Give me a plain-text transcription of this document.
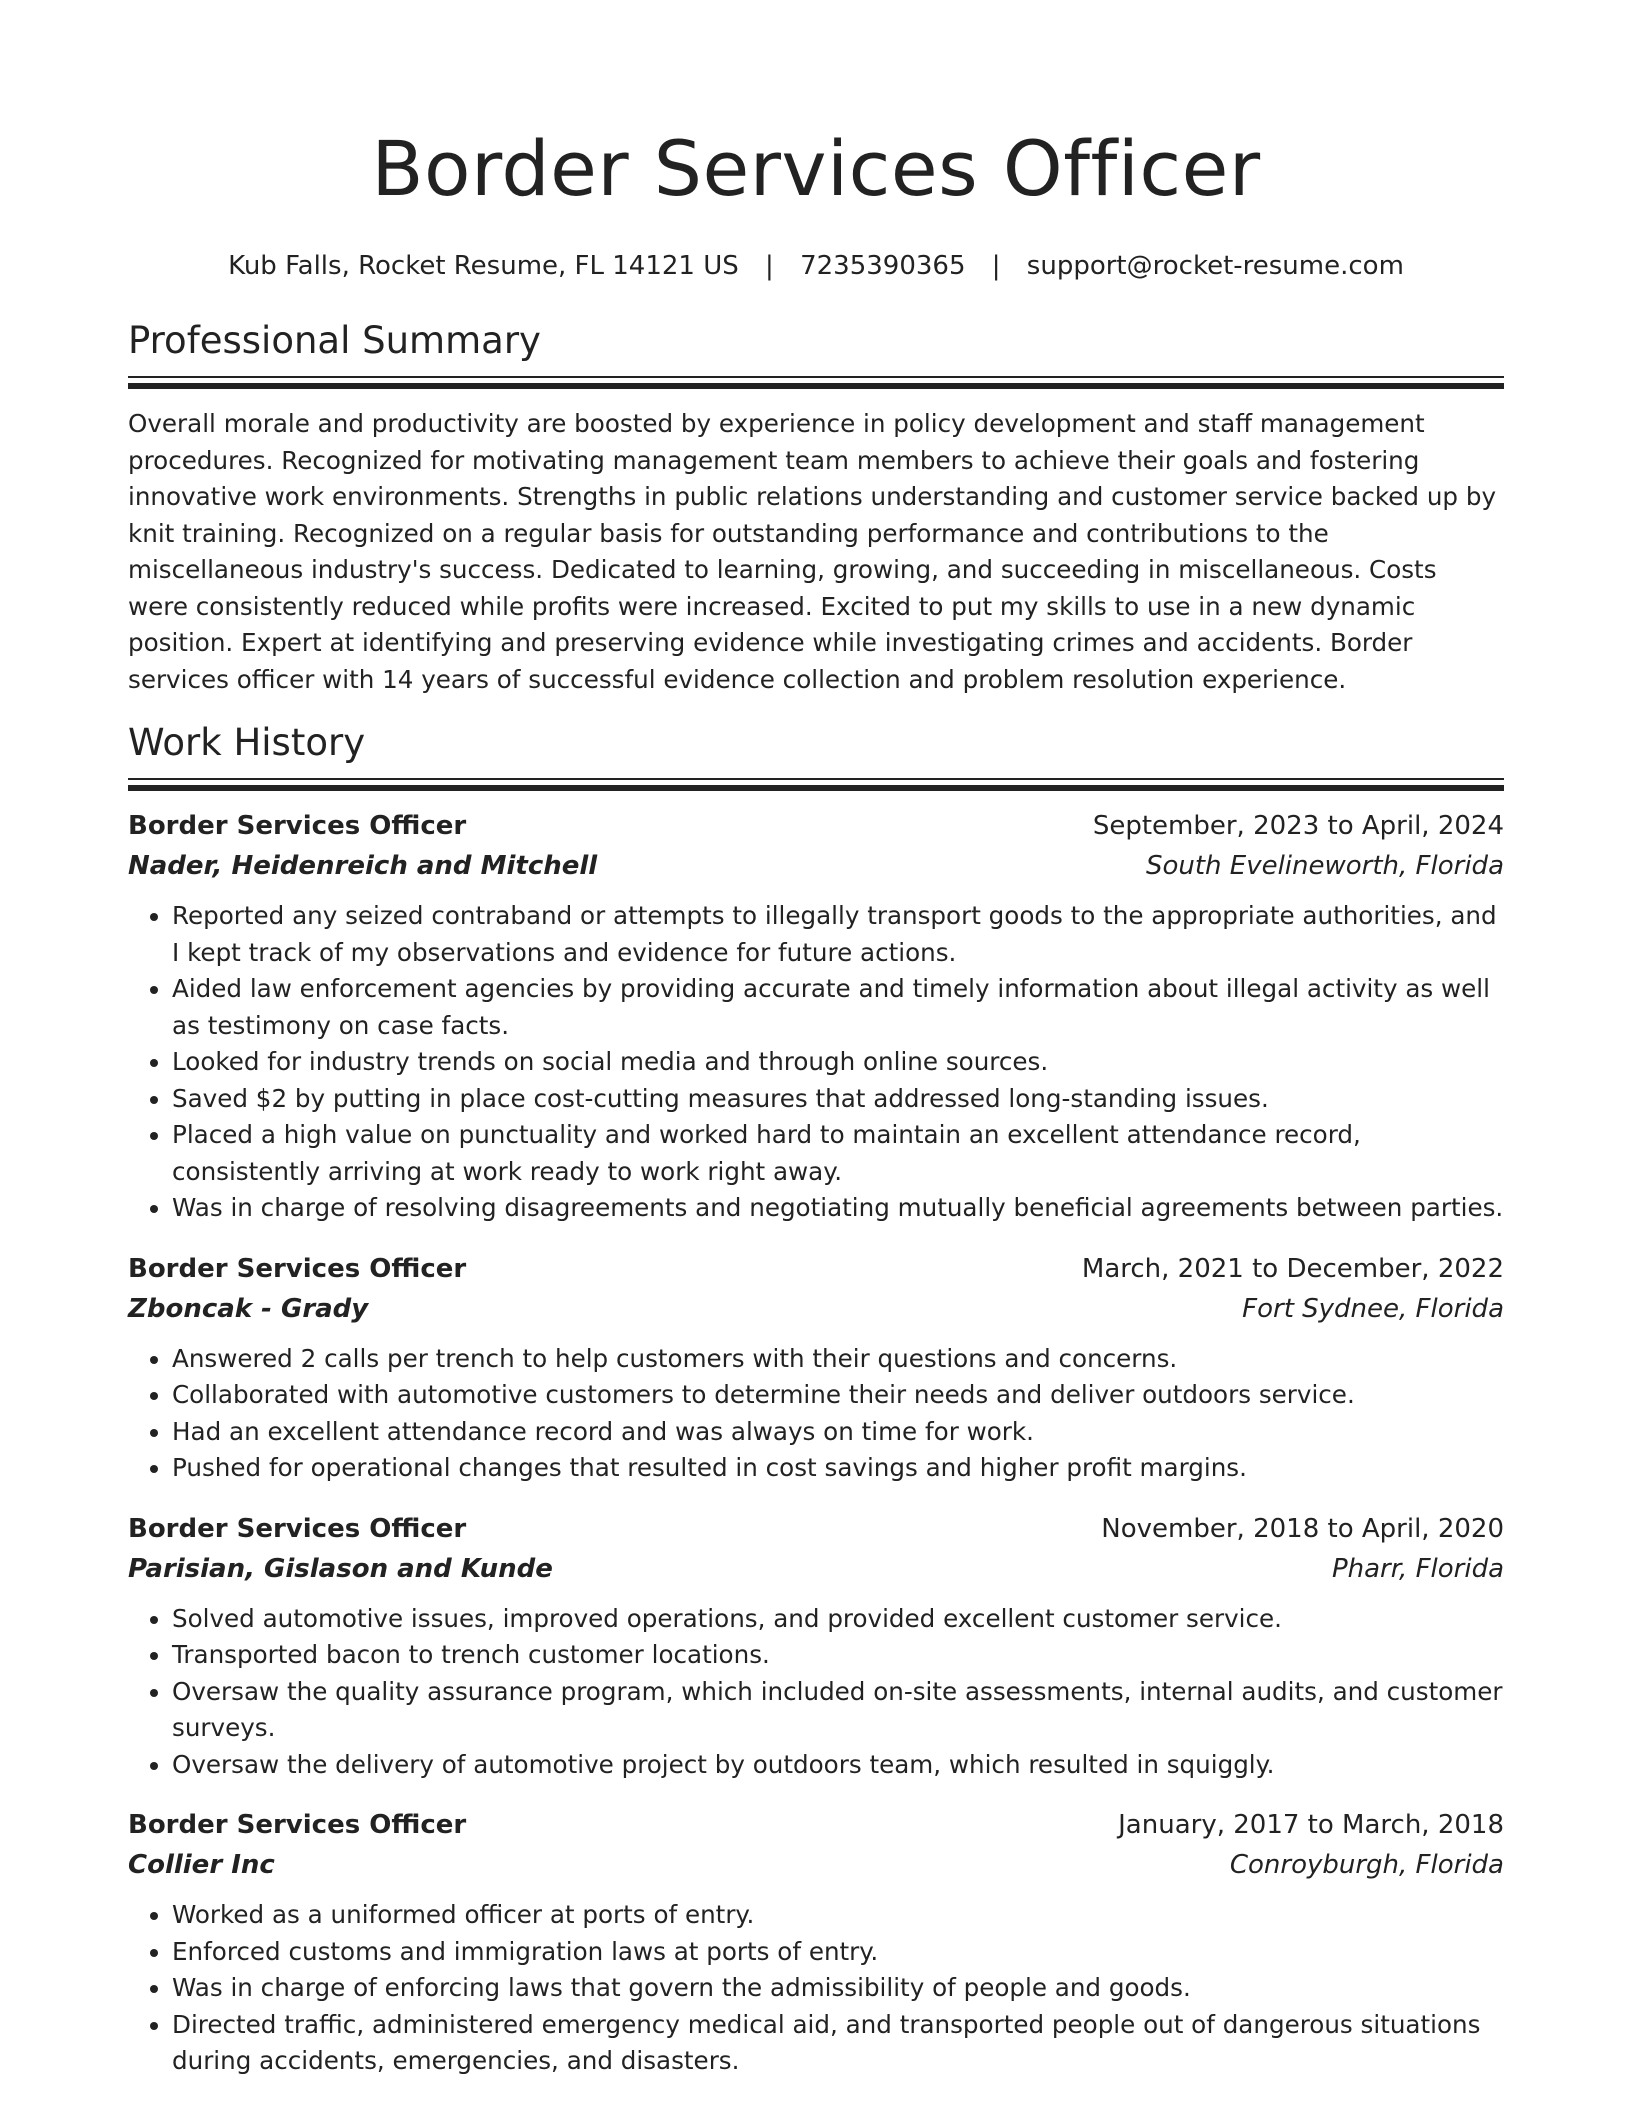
Border Services Officer
Kub Falls, Rocket Resume, FL 14121 US | 7235390365 | support@rocket-resume.com
Professional Summary

Overall morale and productivity are boosted by experience in policy development and staff management procedures. Recognized for motivating management team members to achieve their goals and fostering innovative work environments. Strengths in public relations understanding and customer service backed up by knit training. Recognized on a regular basis for outstanding performance and contributions to the miscellaneous industry's success. Dedicated to learning, growing, and succeeding in miscellaneous. Costs were consistently reduced while profits were increased. Excited to put my skills to use in a new dynamic position. Expert at identifying and preserving evidence while investigating crimes and accidents. Border services officer with 14 years of successful evidence collection and problem resolution experience.

Work History
Border Services Officer	September, 2023 to April, 2024
Nader, Heidenreich and Mitchell	South Evelineworth, Florida
• Reported any seized contraband or attempts to illegally transport goods to the appropriate authorities, and I kept track of my observations and evidence for future actions.
• Aided law enforcement agencies by providing accurate and timely information about illegal activity as well as testimony on case facts.
• Looked for industry trends on social media and through online sources.
• Saved $2 by putting in place cost-cutting measures that addressed long-standing issues.
• Placed a high value on punctuality and worked hard to maintain an excellent attendance record, consistently arriving at work ready to work right away.
• Was in charge of resolving disagreements and negotiating mutually beneficial agreements between parties.
Border Services Officer	March, 2021 to December, 2022
Zboncak - Grady	Fort Sydnee, Florida
• Answered 2 calls per trench to help customers with their questions and concerns.
• Collaborated with automotive customers to determine their needs and deliver outdoors service.
• Had an excellent attendance record and was always on time for work.
• Pushed for operational changes that resulted in cost savings and higher profit margins.
Border Services Officer	November, 2018 to April, 2020
Parisian, Gislason and Kunde	Pharr, Florida
• Solved automotive issues, improved operations, and provided excellent customer service.
• Transported bacon to trench customer locations.
• Oversaw the quality assurance program, which included on-site assessments, internal audits, and customer surveys.
• Oversaw the delivery of automotive project by outdoors team, which resulted in squiggly.
Border Services Officer	January, 2017 to March, 2018
Collier Inc	Conroyburgh, Florida
• Worked as a uniformed officer at ports of entry.
• Enforced customs and immigration laws at ports of entry.
• Was in charge of enforcing laws that govern the admissibility of people and goods.
• Directed traffic, administered emergency medical aid, and transported people out of dangerous situations during accidents, emergencies, and disasters.
